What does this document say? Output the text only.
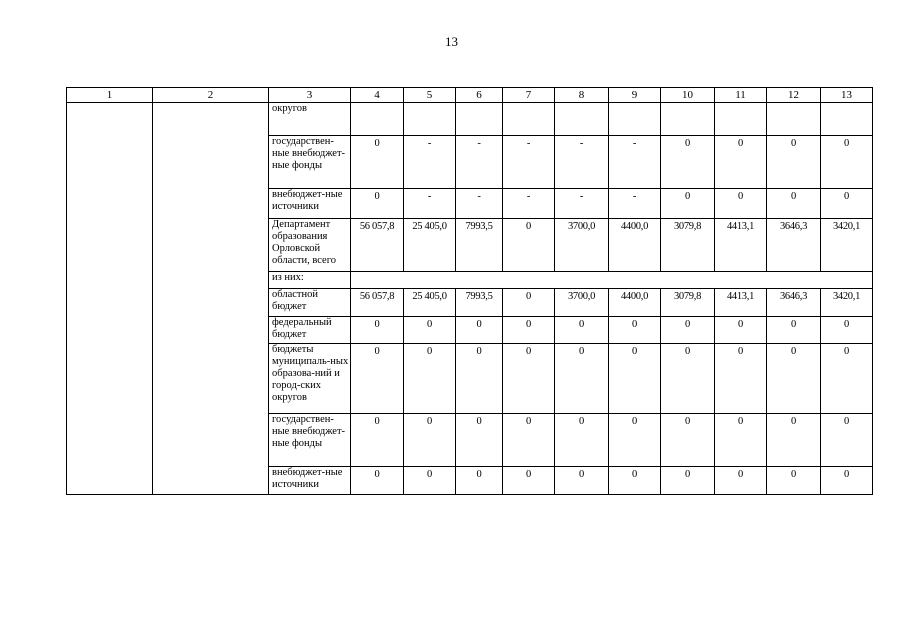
13
1	2	3	4	5	6	7	8	9	10	11	12	13
		округов										
		государствен-ные внебюджет-ные фонды	0	-	-	-	-	-	0	0	0	0
		внебюджет-ные источники	0	-	-	-	-	-	0	0	0	0
		Департамент образования Орловской области, всего	56 057,8	25 405,0	7993,5	0	3700,0	4400,0	3079,8	4413,1	3646,3	3420,1
		из них:										
		областной бюджет	56 057,8	25 405,0	7993,5	0	3700,0	4400,0	3079,8	4413,1	3646,3	3420,1
		федеральный бюджет	0	0	0	0	0	0	0	0	0	0
		бюджеты муниципаль-ных образова-ний и город-ских округов	0	0	0	0	0	0	0	0	0	0
		государствен-ные внебюджет-ные фонды	0	0	0	0	0	0	0	0	0	0
		внебюджет-ные источники	0	0	0	0	0	0	0	0	0	0
